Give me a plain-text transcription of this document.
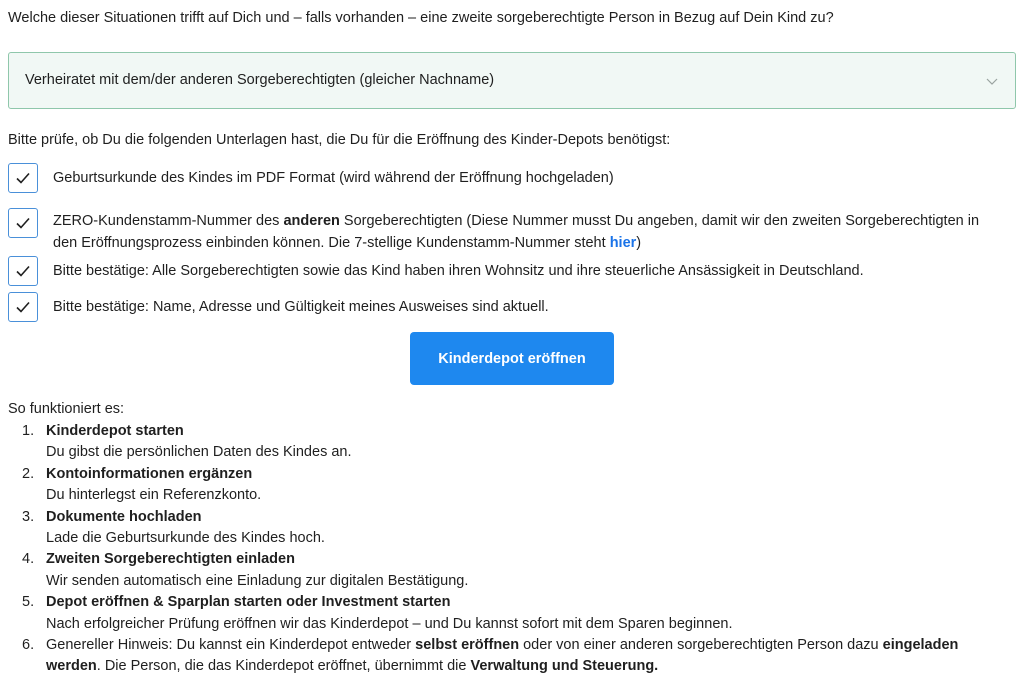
Welche dieser Situationen trifft auf Dich und – falls vorhanden – eine zweite sorgeberechtigte Person in Bezug auf Dein Kind zu?
Verheiratet mit dem/der anderen Sorgeberechtigten (gleicher Nachname)
Bitte prüfe, ob Du die folgenden Unterlagen hast, die Du für die Eröffnung des Kinder-Depots benötigst:
Geburtsurkunde des Kindes im PDF Format (wird während der Eröffnung hochgeladen)
ZERO-Kundenstamm-Nummer des anderen Sorgeberechtigten (Diese Nummer musst Du angeben, damit wir den zweiten Sorgeberechtigten in den Eröffnungsprozess einbinden können. Die 7-stellige Kundenstamm-Nummer steht hier)
Bitte bestätige: Alle Sorgeberechtigten sowie das Kind haben ihren Wohnsitz und ihre steuerliche Ansässigkeit in Deutschland.
Bitte bestätige: Name, Adresse und Gültigkeit meines Ausweises sind aktuell.
Kinderdepot eröffnen
So funktioniert es:
1. Kinderdepot starten
Du gibst die persönlichen Daten des Kindes an.
2. Kontoinformationen ergänzen
Du hinterlegst ein Referenzkonto.
3. Dokumente hochladen
Lade die Geburtsurkunde des Kindes hoch.
4. Zweiten Sorgeberechtigten einladen
Wir senden automatisch eine Einladung zur digitalen Bestätigung.
5. Depot eröffnen & Sparplan starten oder Investment starten
Nach erfolgreicher Prüfung eröffnen wir das Kinderdepot – und Du kannst sofort mit dem Sparen beginnen.
6. Genereller Hinweis: Du kannst ein Kinderdepot entweder selbst eröffnen oder von einer anderen sorgeberechtigten Person dazu eingeladen werden. Die Person, die das Kinderdepot eröffnet, übernimmt die Verwaltung und Steuerung.
